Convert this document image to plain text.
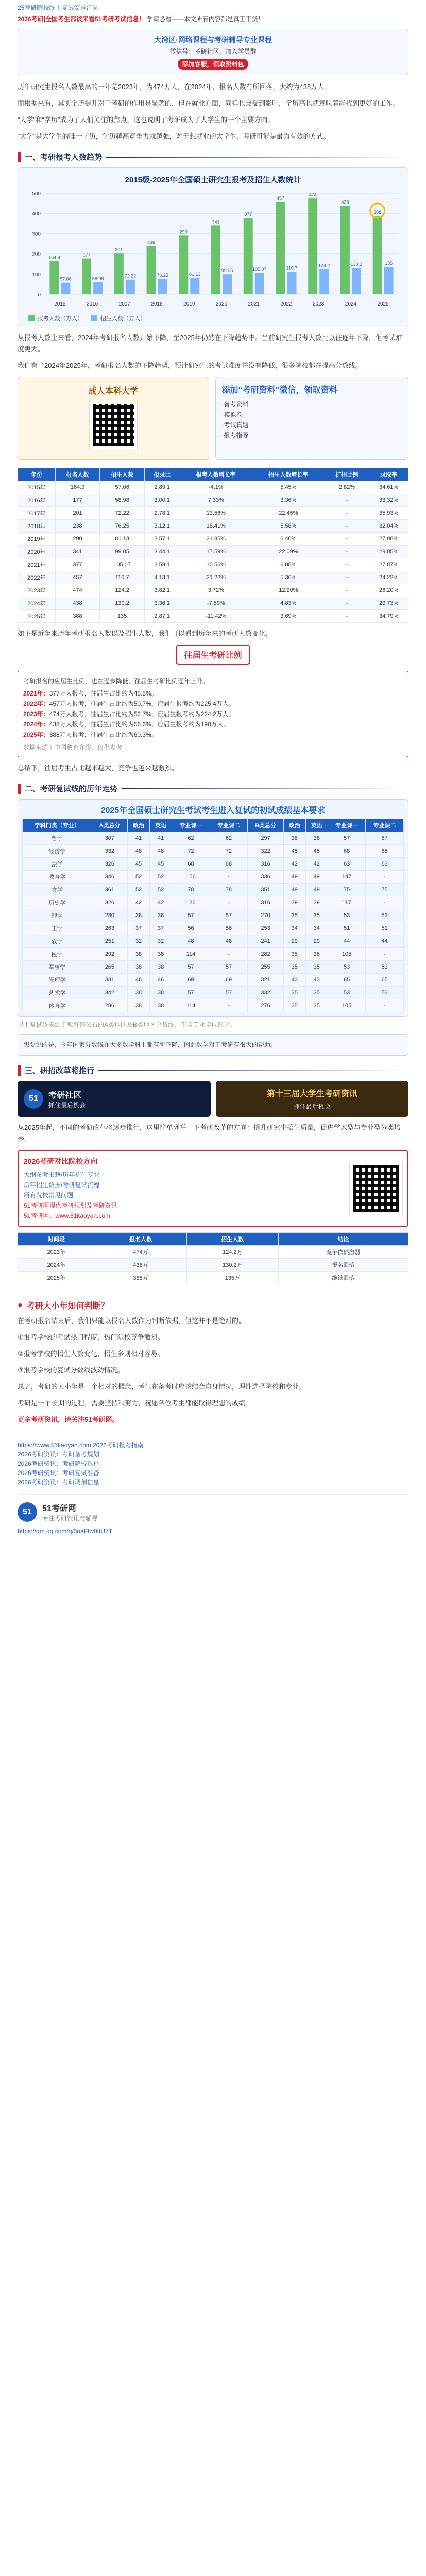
25考研院校线上复试安排汇总
2026考研|全国考生都该来看51考研考试信息！ 学霸必看——本文所有内容都是真正干货！
大湾区·网络课程与考研辅导专业课程
微信号：考研社区，加入学员群
添加客服，领取资料包

历年研究生报名人数最高的一年是2023年，为474万人，在2024年，报名人数有所回落，大约为438万人。

而根据来看，其实学历提升对于考研的作用是显著的，但在就业方面，同样也会受到影响，学历高也就意味着能找到更好的工作。

“大学”和“学历”成为了人们关注的焦点，这也说明了考研成为了大学生的一个主要方向。

“大学”是大学生的唯一学历，学历越高竞争力就越强，对于想就业的大学生，考研可能是最为有效的方式。

一、考研报考人数趋势
2015级-2025年全国硕士研究生报考及招生人数统计
0
100
200
300
400
500
164.9
57.06
2015
177
58.98
2016
201
72.22
2017
238
76.25
2018
290
81.13
2019
341
99.05
2020
377
105.07
2021
457
110.7
2022
474
124.2
2023
438
130.2
2024
388
135
2025
报考人数（万人）	招生人数（万人）

从报考人数上来看，2024年考研报名人数开始下降，至2025年仍然在下降趋势中。当前研究生报考人数比以往逐年下降，但考试难度更大。

我们有了2024年2025年，考研报名人数的下降趋势，预计研究生的考试难度并没有降低，很多院校都在提高分数线。

成人本科大学	添加“考研资料”微信，领取资料
·备考资料
·模拟卷
·考试真题
·报考指导
年份	报名人数	招生人数	报录比	报考人数增长率	招生人数增长率	扩招比例	录取率
2015年	164.9	57.06	2.89:1	-4.1%	5.45%	2.82%	34.61%
2016年	177	58.98	3.00:1	7.33%	3.36%	-	33.32%
2017年	201	72.22	2.78:1	13.56%	22.45%	-	35.93%
2018年	238	76.25	3.12:1	18.41%	5.58%	-	32.04%
2019年	290	81.13	3.57:1	21.85%	6.40%	-	27.98%
2020年	341	99.05	3.44:1	17.59%	22.09%	-	29.05%
2021年	377	105.07	3.59:1	10.56%	6.08%	-	27.87%
2022年	457	110.7	4.13:1	21.22%	5.36%	-	24.22%
2023年	474	124.2	3.82:1	3.72%	12.20%	-	26.20%
2024年	438	130.2	3.36:1	-7.59%	4.83%	-	29.73%
2025年	388	135	2.87:1	-11.42%	3.69%	-	34.79%

如下是近年来历年考研报名人数以及招生人数，我们可以看到历年来的考研人数变化。

往届生考研比例
考研报名的应届生比例，也在逐步降低，往届生考研比例逐年上升。
2021年：377万人报考，往届生占比约为45.5%。
2022年：457万人报考，往届生占比约为50.7%，应届生报考约为225.4万人。
2023年：474万人报考，往届生占比约为52.7%，应届生报考约为224.2万人。
2024年：438万人报考，往届生占比约为56.6%，应届生报考约为190万人。
2025年：388万人报考，往届生占比约为60.3%。
数据来源于中国教育在线，仅供参考

总结下，往届考生占比越来越大，竞争也越来越激烈。

二、考研复试线的历年走势
2025年全国硕士研究生考试考生进入复试的初试成绩基本要求
学科门类（专业）	A类总分	政治	英语	专业课一	专业课二	B类总分	政治	英语	专业课一	专业课二
哲学	307	41	41	62	62	297	38	38	57	57
经济学	332	48	48	72	72	322	45	45	68	68
法学	326	45	45	68	68	316	42	42	63	63
教育学	346	52	52	156	-	336	49	49	147	-
文学	361	52	52	78	78	351	49	49	75	75
历史学	326	42	42	126	-	316	39	39	117	-
理学	280	38	38	57	57	270	35	35	53	53
工学	263	37	37	56	56	253	34	34	51	51
农学	251	32	32	48	48	241	29	29	44	44
医学	292	38	38	114	-	282	35	35	105	-
军事学	265	38	38	57	57	255	35	35	53	53
管理学	331	46	46	69	69	321	43	43	65	65
艺术学	342	38	38	57	57	332	35	35	53	53
体育学	286	38	38	114	-	276	35	35	105	-
以上复试线来源于教育部公布的A类地区及B类地区分数线，不含专业学位部分。
想要说的是，今年国家分数线在大多数学科上都有所下降，因此数学对于考研有很大的帮助。
三、研招改革将推行
51	考研社区
抓住最后机会
第十三届大学生考研资讯
抓住最后机会

从2025年起，不同的考研改革将逐步推行，这里简单列举一下考研改革的方向：提升研究生招生质量，促进学术型与专业型分类培养。

2026考研对比院校方向
大纲参考书籍/历年招生专业
历年招生数据/考研复试流程
所有院校常见问题
51考研网提供考研规划及考研资讯
51考研网：www.51kaoyan.com
时间段	报名人数	招生人数	结论
2023年	474万	124.2万	竞争依然激烈
2024年	438万	130.2万	报名回落
2025年	388万	135万	继续回落
● 考研大小年如何判断？

在考研报名结束后，我们只能以报名人数作为判断依据，但这并不是绝对的。

①报考学校的考试热门程度，热门院校竞争激烈。

②报考学校的招生人数变化，招生多则相对容易。

③报考学校的复试分数线波动情况。

总之，考研的大小年是一个相对的概念，考生在备考时应该结合自身情况，理性选择院校和专业。

考研是一个长期的过程，需要坚持和努力，祝愿各位考生都能取得理想的成绩。

更多考研资讯，请关注51考研网。

https://www.51kaoyan.com 2026考研报考指南
2026考研资讯：考研备考规划
2026考研资讯：考研院校选择
2026考研资讯：考研复试准备
2026考研资讯：考研调剂信息
51	51考研网
专注考研资讯与辅导
https://qm.qq.com/q/5oaFfw0tfU7T
